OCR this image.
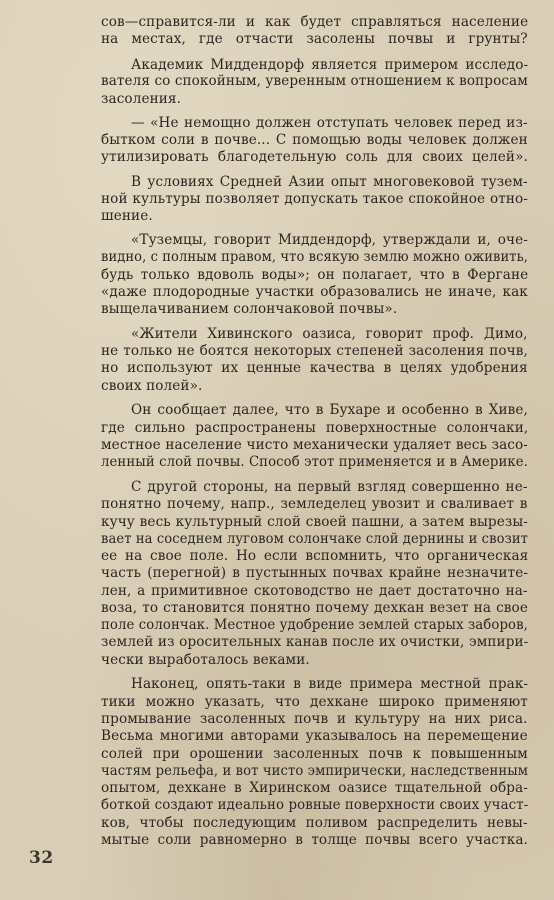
сов—справится-ли и как будет справляться население
на местах, где отчасти засолены почвы и грунты?
Академик Миддендорф является примером исследо-
вателя со спокойным, уверенным отношением к вопросам
засоления.
— «Не немощно должен отступать человек перед из-
бытком соли в почве... С помощью воды человек должен
утилизировать благодетельную соль для своих целей».
В условиях Средней Азии опыт многовековой тузем-
ной культуры позволяет допускать такое спокойное отно-
шение.
«Туземцы, говорит Миддендорф, утверждали и, оче-
видно, с полным правом, что всякую землю можно оживить,
будь только вдоволь воды»; он полагает, что в Фергане
«даже плодородные участки образовались не иначе, как
выщелачиванием солончаковой почвы».
«Жители Хивинского оазиса, говорит проф. Димо,
не только не боятся некоторых степеней засоления почв,
но используют их ценные качества в целях удобрения
своих полей».
Он сообщает далее, что в Бухаре и особенно в Хиве,
где сильно распространены поверхностные солончаки,
местное население чисто механически удаляет весь засо-
ленный слой почвы. Способ этот применяется и в Америке.
С другой стороны, на первый взгляд совершенно не-
понятно почему, напр., земледелец увозит и сваливает в
кучу весь культурный слой своей пашни, а затем вырезы-
вает на соседнем луговом солончаке слой дернины и свозит
ее на свое поле. Но если вспомнить, что органическая
часть (перегной) в пустынных почвах крайне незначите-
лен, а примитивное скотоводство не дает достаточно на-
воза, то становится понятно почему дехкан везет на свое
поле солончак. Местное удобрение землей старых заборов,
землей из оросительных канав после их очистки, эмпири-
чески выработалось веками.
Наконец, опять-таки в виде примера местной прак-
тики можно указать, что дехкане широко применяют
промывание засоленных почв и культуру на них риса.
Весьма многими авторами указывалось на перемещение
солей при орошении засоленных почв к повышенным
частям рельефа, и вот чисто эмпирически, наследственным
опытом, дехкане в Хиринском оазисе тщательной обра-
боткой создают идеально ровные поверхности своих участ-
ков, чтобы последующим поливом распределить невы-
мытые соли равномерно в толще почвы всего участка.
32
